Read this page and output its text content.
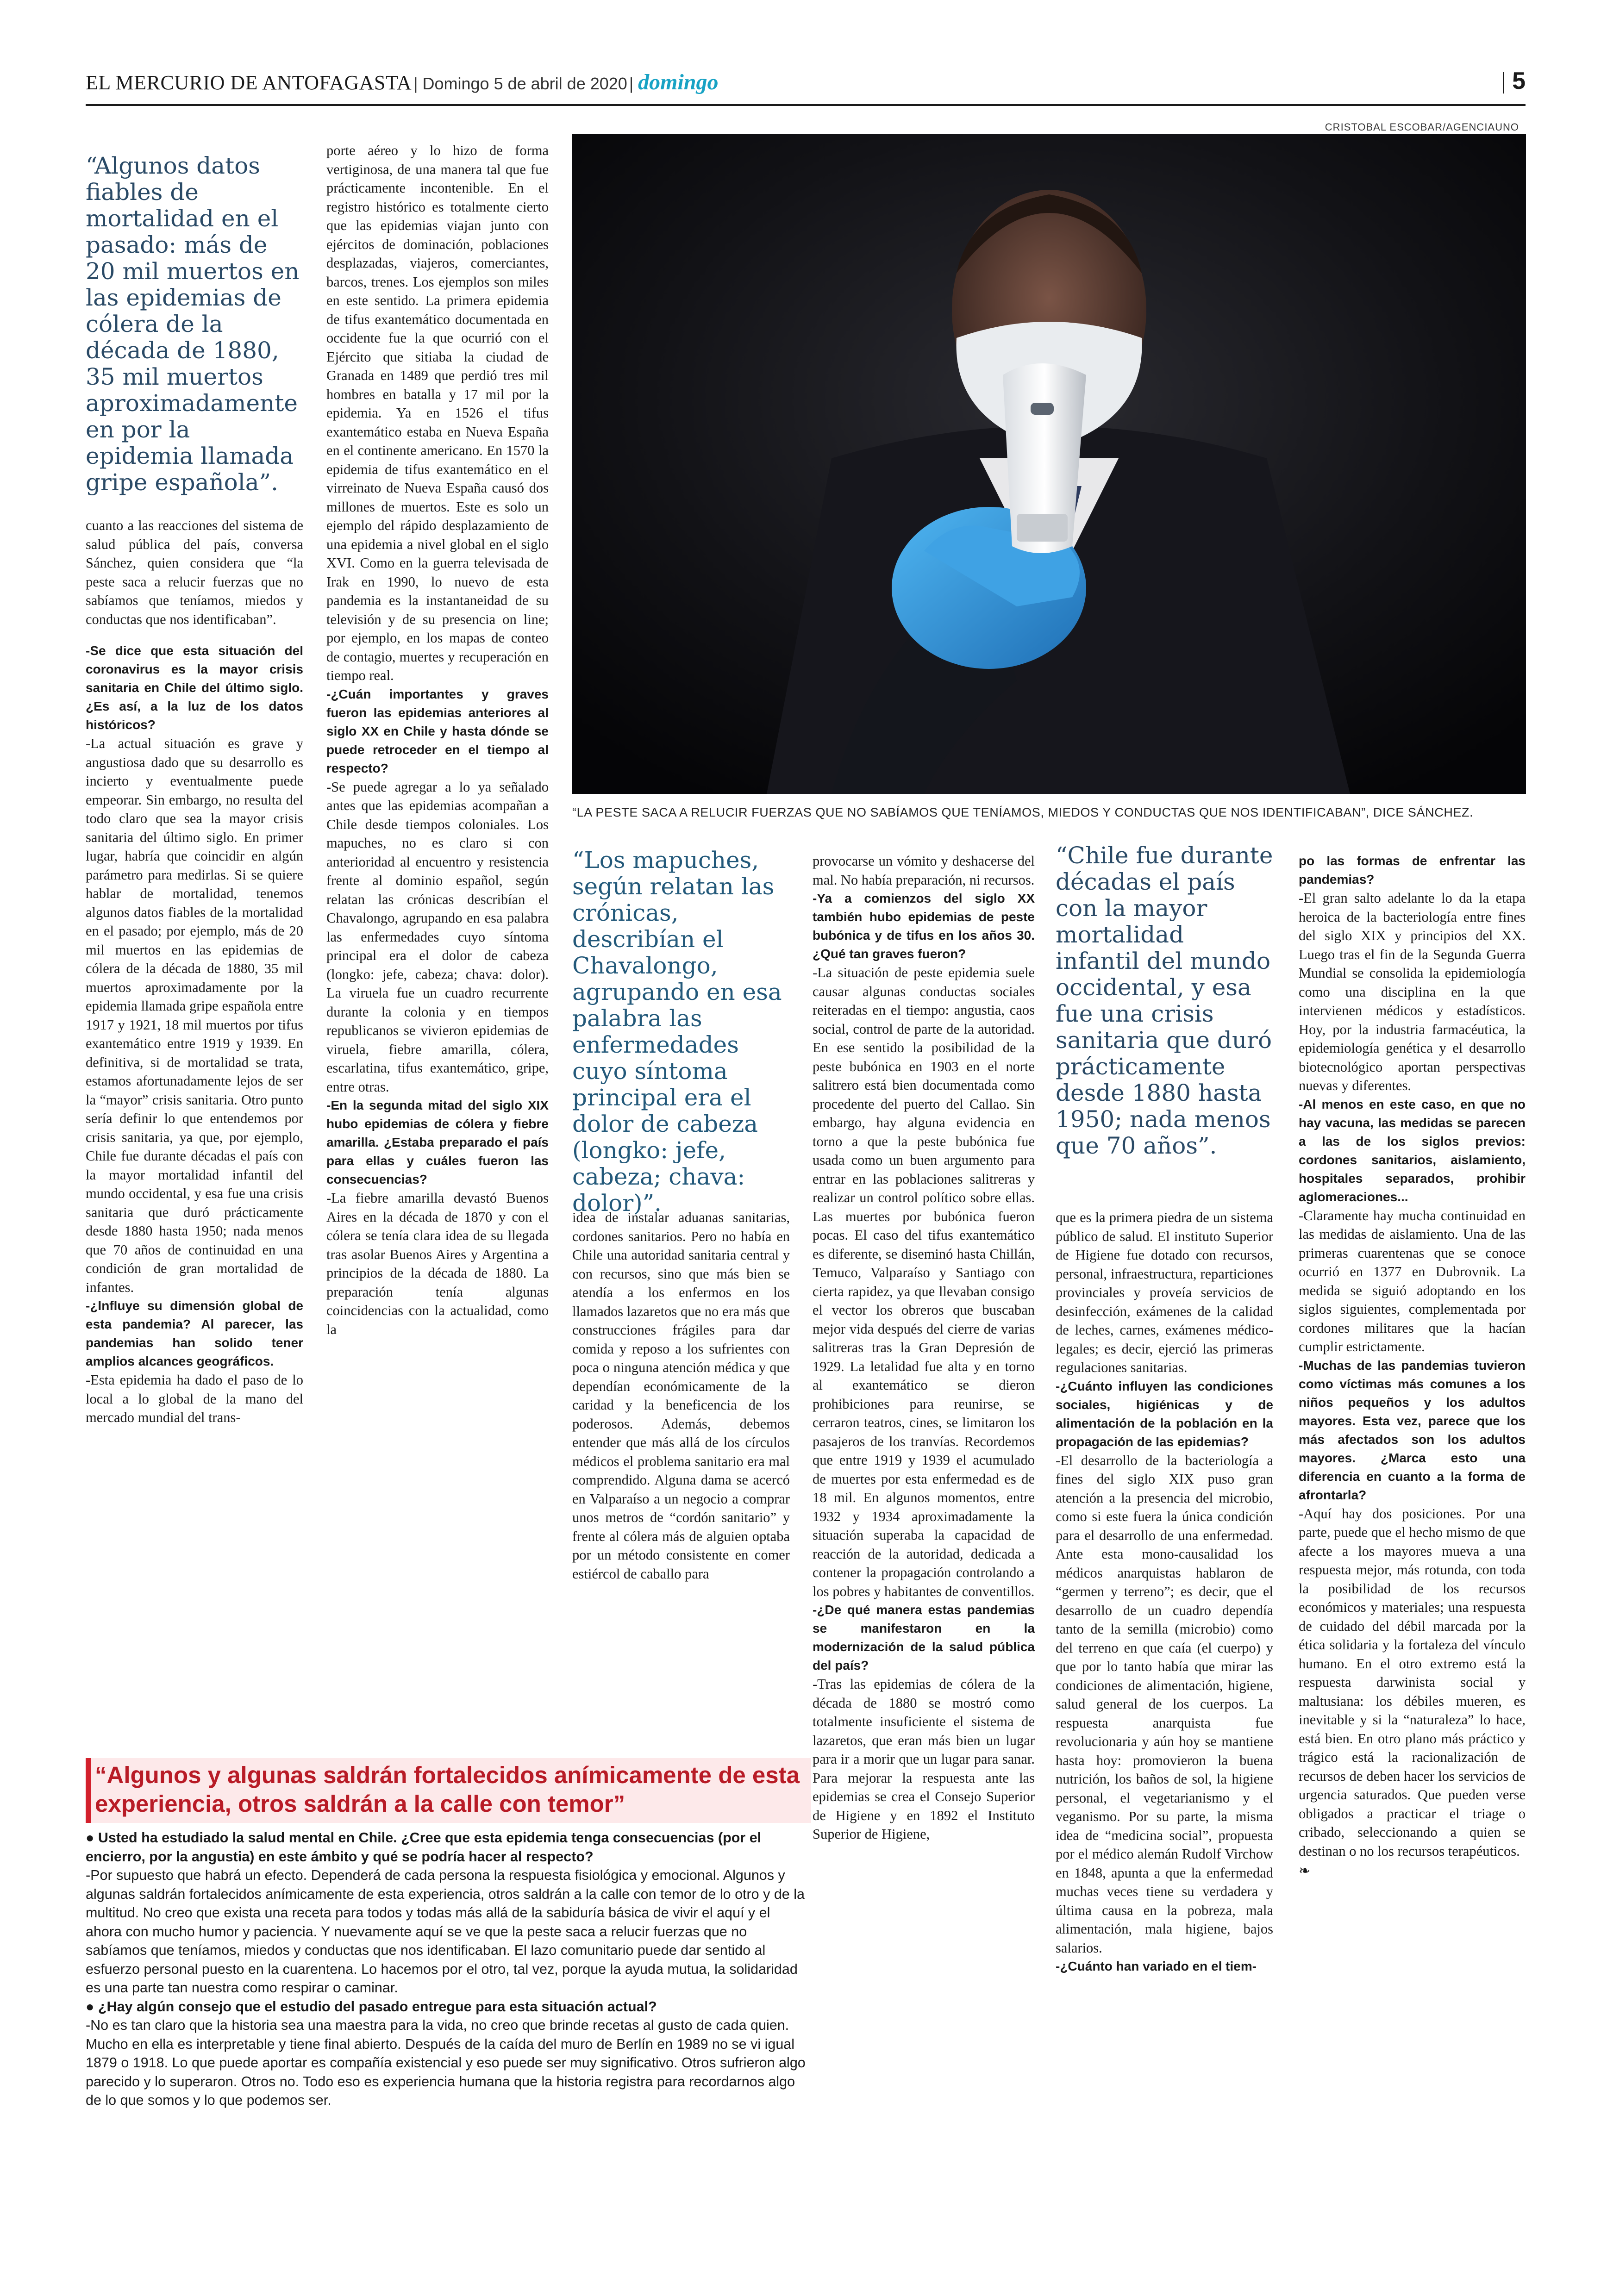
EL MERCURIO DE ANTOFAGASTA | Domingo 5 de abril de 2020 | domingo	5
CRISTOBAL ESCOBAR/AGENCIAUNO
“LA PESTE SACA A RELUCIR FUERZAS QUE NO SABÍAMOS QUE TENÍAMOS, MIEDOS Y CONDUCTAS QUE NOS IDENTIFICABAN”, DICE SÁNCHEZ.
“Algunos datos fiables de mortalidad en el pasado: más de 20 mil muertos en las epidemias de cólera de la década de 1880, 35 mil muertos aproximadamente en por la epidemia llamada gripe española”.

cuanto a las reacciones del sistema de salud pública del país, conversa Sánchez, quien considera que “la peste saca a relucir fuerzas que no sabíamos que teníamos, miedos y conductas que nos identificaban”.

-Se dice que esta situación del coronavirus es la mayor crisis sanitaria en Chile del último siglo. ¿Es así, a la luz de los datos históricos?

-La actual situación es grave y angustiosa dado que su desarrollo es incierto y eventualmente puede empeorar. Sin embargo, no resulta del todo claro que sea la mayor crisis sanitaria del último siglo. En primer lugar, habría que coincidir en algún parámetro para medirlas. Si se quiere hablar de mortalidad, tenemos algunos datos fiables de la mortalidad en el pasado; por ejemplo, más de 20 mil muertos en las epidemias de cólera de la década de 1880, 35 mil muertos aproximadamente por la epidemia llamada gripe española entre 1917 y 1921, 18 mil muertos por tifus exantemático entre 1919 y 1939. En definitiva, si de mortalidad se trata, estamos afortunadamente lejos de ser la “mayor” crisis sanitaria. Otro punto sería definir lo que entendemos por crisis sanitaria, ya que, por ejemplo, Chile fue durante décadas el país con la mayor mortalidad infantil del mundo occidental, y esa fue una crisis sanitaria que duró prácticamente desde 1880 hasta 1950; nada menos que 70 años de continuidad en una condición de gran mortalidad de infantes.

-¿Influye su dimensión global de esta pandemia? Al parecer, las pandemias han solido tener amplios alcances geográficos.

-Esta epidemia ha dado el paso de lo local a lo global de la mano del mercado mundial del trans-

porte aéreo y lo hizo de forma vertiginosa, de una manera tal que fue prácticamente incontenible. En el registro histórico es totalmente cierto que las epidemias viajan junto con ejércitos de dominación, poblaciones desplazadas, viajeros, comerciantes, barcos, trenes. Los ejemplos son miles en este sentido. La primera epidemia de tifus exantemático documentada en occidente fue la que ocurrió con el Ejército que sitiaba la ciudad de Granada en 1489 que perdió tres mil hombres en batalla y 17 mil por la epidemia. Ya en 1526 el tifus exantemático estaba en Nueva España en el continente americano. En 1570 la epidemia de tifus exantemático en el virreinato de Nueva España causó dos millones de muertos. Este es solo un ejemplo del rápido desplazamiento de una epidemia a nivel global en el siglo XVI. Como en la guerra televisada de Irak en 1990, lo nuevo de esta pandemia es la instantaneidad de su televisión y de su presencia on line; por ejemplo, en los mapas de conteo de contagio, muertes y recuperación en tiempo real.

-¿Cuán importantes y graves fueron las epidemias anteriores al siglo XX en Chile y hasta dónde se puede retroceder en el tiempo al respecto?

-Se puede agregar a lo ya señalado antes que las epidemias acompañan a Chile desde tiempos coloniales. Los mapuches, no es claro si con anterioridad al encuentro y resistencia frente al dominio español, según relatan las crónicas describían el Chavalongo, agrupando en esa palabra las enfermedades cuyo síntoma principal era el dolor de cabeza (longko: jefe, cabeza; chava: dolor). La viruela fue un cuadro recurrente durante la colonia y en tiempos republicanos se vivieron epidemias de viruela, fiebre amarilla, cólera, escarlatina, tifus exantemático, gripe, entre otras.

-En la segunda mitad del siglo XIX hubo epidemias de cólera y fiebre amarilla. ¿Estaba preparado el país para ellas y cuáles fueron las consecuencias?

-La fiebre amarilla devastó Buenos Aires en la década de 1870 y con el cólera se tenía clara idea de su llegada tras asolar Buenos Aires y Argentina a principios de la década de 1880. La preparación tenía algunas coincidencias con la actualidad, como la

“Los mapuches, según relatan las crónicas, describían el Chavalongo, agrupando en esa palabra las enfermedades cuyo síntoma principal era el dolor de cabeza (longko: jefe, cabeza; chava: dolor)”.

idea de instalar aduanas sanitarias, cordones sanitarios. Pero no había en Chile una autoridad sanitaria central y con recursos, sino que más bien se atendía a los enfermos en los llamados lazaretos que no era más que construcciones frágiles para dar comida y reposo a los sufrientes con poca o ninguna atención médica y que dependían económicamente de la caridad y la beneficencia de los poderosos. Además, debemos entender que más allá de los círculos médicos el problema sanitario era mal comprendido. Alguna dama se acercó en Valparaíso a un negocio a comprar unos metros de “cordón sanitario” y frente al cólera más de alguien optaba por un método consistente en comer estiércol de caballo para

provocarse un vómito y deshacerse del mal. No había preparación, ni recursos.

-Ya a comienzos del siglo XX también hubo epidemias de peste bubónica y de tifus en los años 30. ¿Qué tan graves fueron?

-La situación de peste epidemia suele causar algunas conductas sociales reiteradas en el tiempo: angustia, caos social, control de parte de la autoridad. En ese sentido la posibilidad de la peste bubónica en 1903 en el norte salitrero está bien documentada como procedente del puerto del Callao. Sin embargo, hay alguna evidencia en torno a que la peste bubónica fue usada como un buen argumento para entrar en las poblaciones salitreras y realizar un control político sobre ellas. Las muertes por bubónica fueron pocas. El caso del tifus exantemático es diferente, se diseminó hasta Chillán, Temuco, Valparaíso y Santiago con cierta rapidez, ya que llevaban consigo el vector los obreros que buscaban mejor vida después del cierre de varias salitreras tras la Gran Depresión de 1929. La letalidad fue alta y en torno al exantemático se dieron prohibiciones para reunirse, se cerraron teatros, cines, se limitaron los pasajeros de los tranvías. Recordemos que entre 1919 y 1939 el acumulado de muertes por esta enfermedad es de 18 mil. En algunos momentos, entre 1932 y 1934 aproximadamente la situación superaba la capacidad de reacción de la autoridad, dedicada a contener la propagación controlando a los pobres y habitantes de conventillos.

-¿De qué manera estas pandemias se manifestaron en la modernización de la salud pública del país?

-Tras las epidemias de cólera de la década de 1880 se mostró como totalmente insuficiente el sistema de lazaretos, que eran más bien un lugar para ir a morir que un lugar para sanar. Para mejorar la respuesta ante las epidemias se crea el Consejo Superior de Higiene y en 1892 el Instituto Superior de Higiene,

“Chile fue durante décadas el país con la mayor mortalidad infantil del mundo occidental, y esa fue una crisis sanitaria que duró prácticamente desde 1880 hasta 1950; nada menos que 70 años”.

que es la primera piedra de un sistema público de salud. El instituto Superior de Higiene fue dotado con recursos, personal, infraestructura, reparticiones provinciales y proveía servicios de desinfección, exámenes de la calidad de leches, carnes, exámenes médico-legales; es decir, ejerció las primeras regulaciones sanitarias.

-¿Cuánto influyen las condiciones sociales, higiénicas y de alimentación de la población en la propagación de las epidemias?

-El desarrollo de la bacteriología a fines del siglo XIX puso gran atención a la presencia del microbio, como si este fuera la única condición para el desarrollo de una enfermedad. Ante esta mono-causalidad los médicos anarquistas hablaron de “germen y terreno”; es decir, que el desarrollo de un cuadro dependía tanto de la semilla (microbio) como del terreno en que caía (el cuerpo) y que por lo tanto había que mirar las condiciones de alimentación, higiene, salud general de los cuerpos. La respuesta anarquista fue revolucionaria y aún hoy se mantiene hasta hoy: promovieron la buena nutrición, los baños de sol, la higiene personal, el vegetarianismo y el veganismo. Por su parte, la misma idea de “medicina social”, propuesta por el médico alemán Rudolf Virchow en 1848, apunta a que la enfermedad muchas veces tiene su verdadera y última causa en la pobreza, mala alimentación, mala higiene, bajos salarios.

-¿Cuánto han variado en el tiem-

po las formas de enfrentar las pandemias?

-El gran salto adelante lo da la etapa heroica de la bacteriología entre fines del siglo XIX y principios del XX. Luego tras el fin de la Segunda Guerra Mundial se consolida la epidemiología como una disciplina en la que intervienen médicos y estadísticos. Hoy, por la industria farmacéutica, la epidemiología genética y el desarrollo biotecnológico aportan perspectivas nuevas y diferentes.

-Al menos en este caso, en que no hay vacuna, las medidas se parecen a las de los siglos previos: cordones sanitarios, aislamiento, hospitales separados, prohibir aglomeraciones...

-Claramente hay mucha continuidad en las medidas de aislamiento. Una de las primeras cuarentenas que se conoce ocurrió en 1377 en Dubrovnik. La medida se siguió adoptando en los siglos siguientes, complementada por cordones militares que la hacían cumplir estrictamente.

-Muchas de las pandemias tuvieron como víctimas más comunes a los niños pequeños y los adultos mayores. Esta vez, parece que los más afectados son los adultos mayores. ¿Marca esto una diferencia en cuanto a la forma de afrontarla?

-Aquí hay dos posiciones. Por una parte, puede que el hecho mismo de que afecte a los mayores mueva a una respuesta mejor, más rotunda, con toda la posibilidad de los recursos económicos y materiales; una respuesta de cuidado del débil marcada por la ética solidaria y la fortaleza del vínculo humano. En el otro extremo está la respuesta darwinista social y maltusiana: los débiles mueren, es inevitable y si la “naturaleza” lo hace, está bien. En otro plano más práctico y trágico está la racionalización de recursos de deben hacer los servicios de urgencia saturados. Que pueden verse obligados a practicar el triage o cribado, seleccionando a quien se destinan o no los recursos terapéuticos.

❧

“Algunos y algunas saldrán fortalecidos anímicamente de esta experiencia, otros saldrán a la calle con temor”

● Usted ha estudiado la salud mental en Chile. ¿Cree que esta epidemia tenga consecuencias (por el encierro, por la angustia) en este ámbito y qué se podría hacer al respecto?

-Por supuesto que habrá un efecto. Dependerá de cada persona la respuesta fisiológica y emocional. Algunos y algunas saldrán fortalecidos anímicamente de esta experiencia, otros saldrán a la calle con temor de lo otro y de la multitud. No creo que exista una receta para todos y todas más allá de la sabiduría básica de vivir el aquí y el ahora con mucho humor y paciencia. Y nuevamente aquí se ve que la peste saca a relucir fuerzas que no sabíamos que teníamos, miedos y conductas que nos identificaban. El lazo comunitario puede dar sentido al esfuerzo personal puesto en la cuarentena. Lo hacemos por el otro, tal vez, porque la ayuda mutua, la solidaridad es una parte tan nuestra como respirar o caminar.

● ¿Hay algún consejo que el estudio del pasado entregue para esta situación actual?

-No es tan claro que la historia sea una maestra para la vida, no creo que brinde recetas al gusto de cada quien. Mucho en ella es interpretable y tiene final abierto. Después de la caída del muro de Berlín en 1989 no se vi igual 1879 o 1918. Lo que puede aportar es compañía existencial y eso puede ser muy significativo. Otros sufrieron algo parecido y lo superaron. Otros no. Todo eso es experiencia humana que la historia registra para recordarnos algo de lo que somos y lo que podemos ser.
